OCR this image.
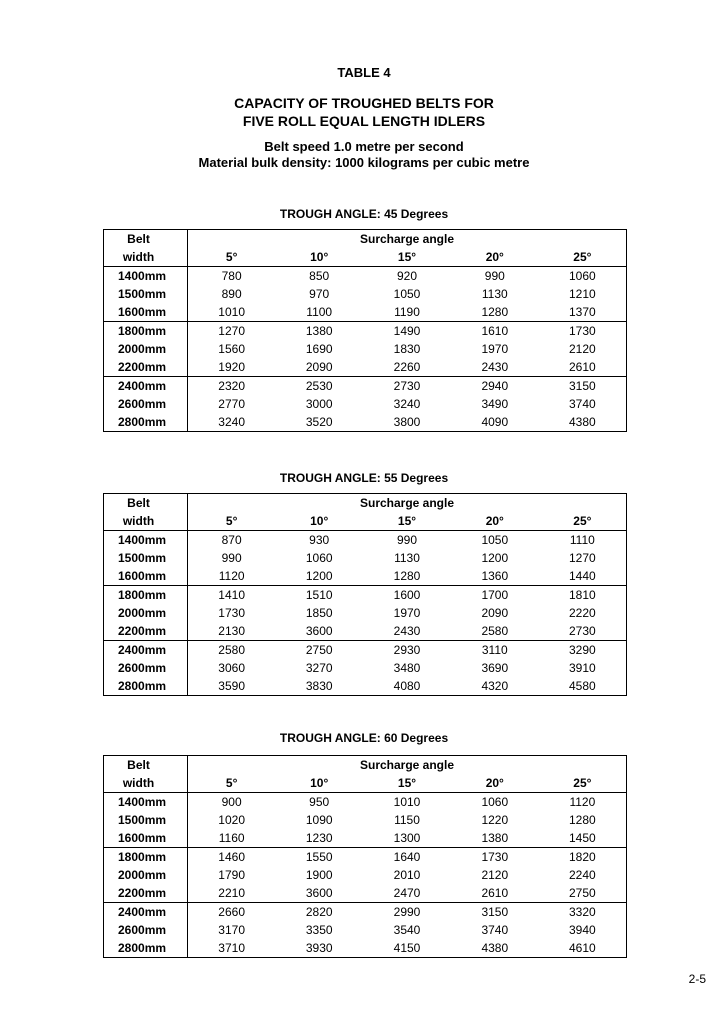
TABLE 4
CAPACITY OF TROUGHED BELTS FOR
FIVE ROLL EQUAL LENGTH IDLERS
Belt speed 1.0 metre per second
Material bulk density: 1000 kilograms per cubic metre
TROUGH ANGLE: 45 Degrees
Belt	Surcharge angle				
width	5°	10°	15°	20°	25°
1400mm	780	850	920	990	1060
1500mm	890	970	1050	1130	1210
1600mm	1010	1100	1190	1280	1370
1800mm	1270	1380	1490	1610	1730
2000mm	1560	1690	1830	1970	2120
2200mm	1920	2090	2260	2430	2610
2400mm	2320	2530	2730	2940	3150
2600mm	2770	3000	3240	3490	3740
2800mm	3240	3520	3800	4090	4380
TROUGH ANGLE: 55 Degrees
Belt	Surcharge angle				
width	5°	10°	15°	20°	25°
1400mm	870	930	990	1050	1110
1500mm	990	1060	1130	1200	1270
1600mm	1120	1200	1280	1360	1440
1800mm	1410	1510	1600	1700	1810
2000mm	1730	1850	1970	2090	2220
2200mm	2130	3600	2430	2580	2730
2400mm	2580	2750	2930	3110	3290
2600mm	3060	3270	3480	3690	3910
2800mm	3590	3830	4080	4320	4580
TROUGH ANGLE: 60 Degrees
Belt	Surcharge angle				
width	5°	10°	15°	20°	25°
1400mm	900	950	1010	1060	1120
1500mm	1020	1090	1150	1220	1280
1600mm	1160	1230	1300	1380	1450
1800mm	1460	1550	1640	1730	1820
2000mm	1790	1900	2010	2120	2240
2200mm	2210	3600	2470	2610	2750
2400mm	2660	2820	2990	3150	3320
2600mm	3170	3350	3540	3740	3940
2800mm	3710	3930	4150	4380	4610
2-5
